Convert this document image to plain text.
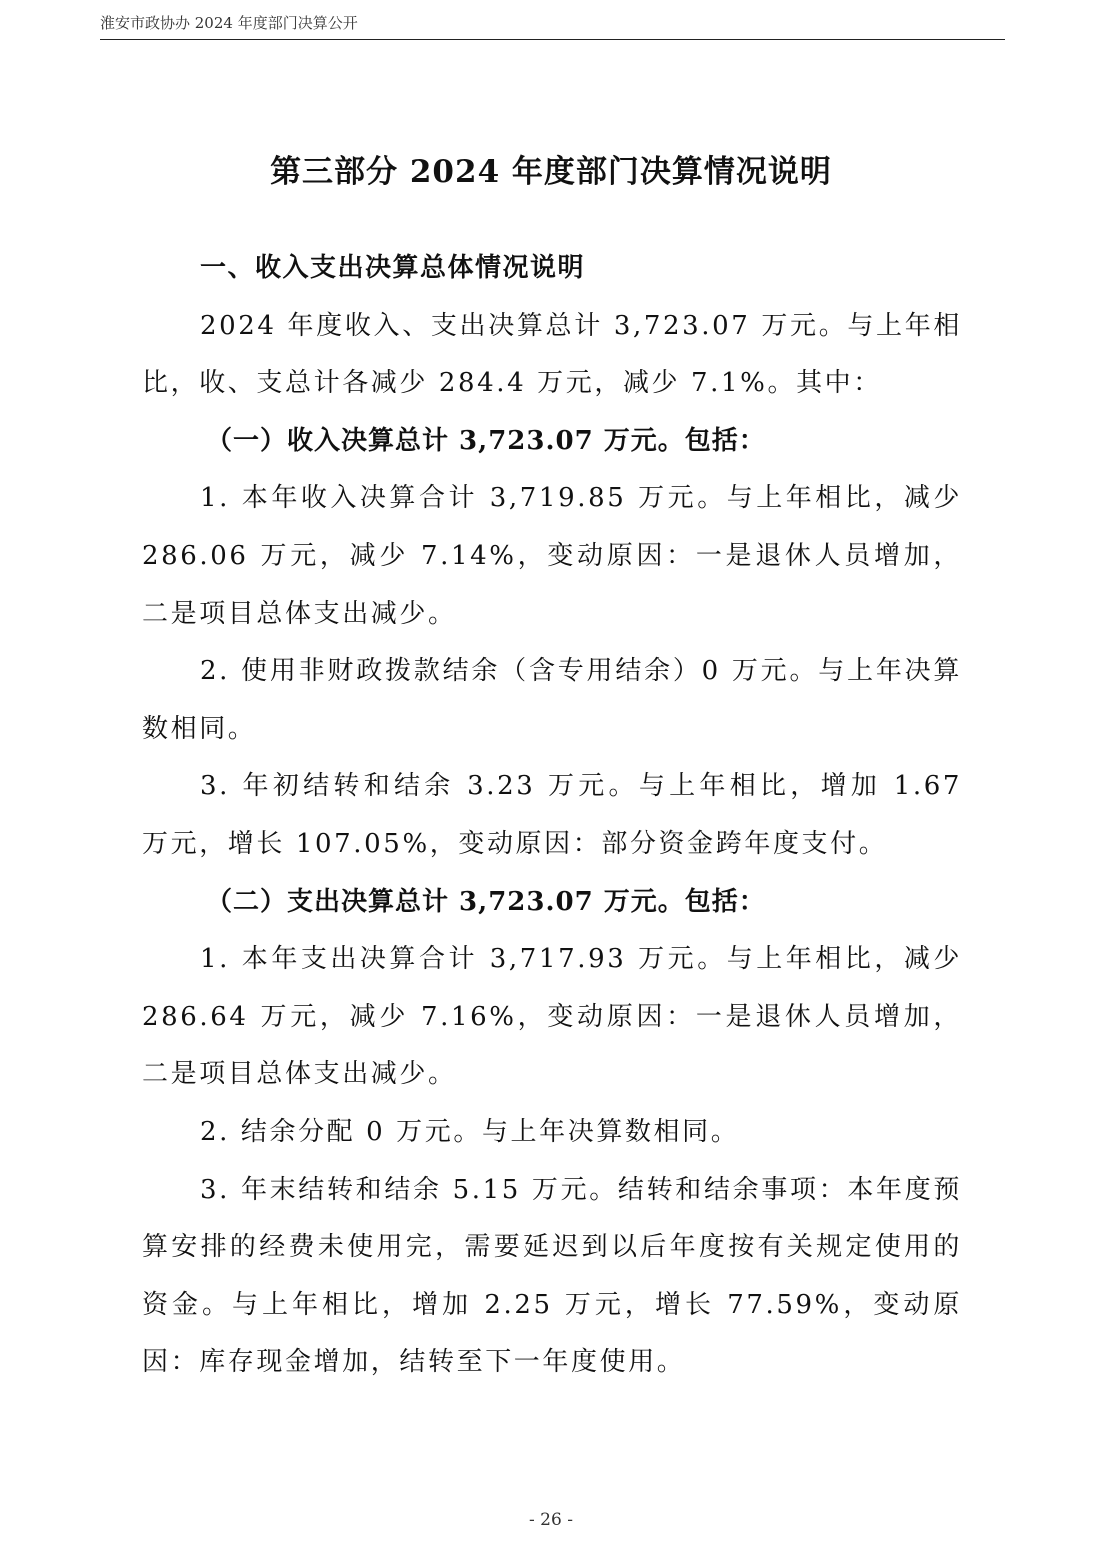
淮安市政协办 2024 年度部门决算公开
第三部分 2024 年度部门决算情况说明

一、收入支出决算总体情况说明

2024 年度收入、支出决算总计 3,723.07 万元。与上年相比，收、支总计各减少 284.4 万元，减少 7.1%。其中：

（一）收入决算总计 3,723.07 万元。包括：

1. 本年收入决算合计 3,719.85 万元。与上年相比，减少 286.06 万元，减少 7.14%，变动原因：一是退休人员增加，二是项目总体支出减少。

2. 使用非财政拨款结余（含专用结余）0 万元。与上年决算数相同。

3. 年初结转和结余 3.23 万元。与上年相比，增加 1.67 万元，增长 107.05%，变动原因：部分资金跨年度支付。

（二）支出决算总计 3,723.07 万元。包括：

1. 本年支出决算合计 3,717.93 万元。与上年相比，减少 286.64 万元，减少 7.16%，变动原因：一是退休人员增加，二是项目总体支出减少。

2. 结余分配 0 万元。与上年决算数相同。

3. 年末结转和结余 5.15 万元。结转和结余事项：本年度预算安排的经费未使用完，需要延迟到以后年度按有关规定使用的资金。与上年相比，增加 2.25 万元，增长 77.59%，变动原因：库存现金增加，结转至下一年度使用。

- 26 -
